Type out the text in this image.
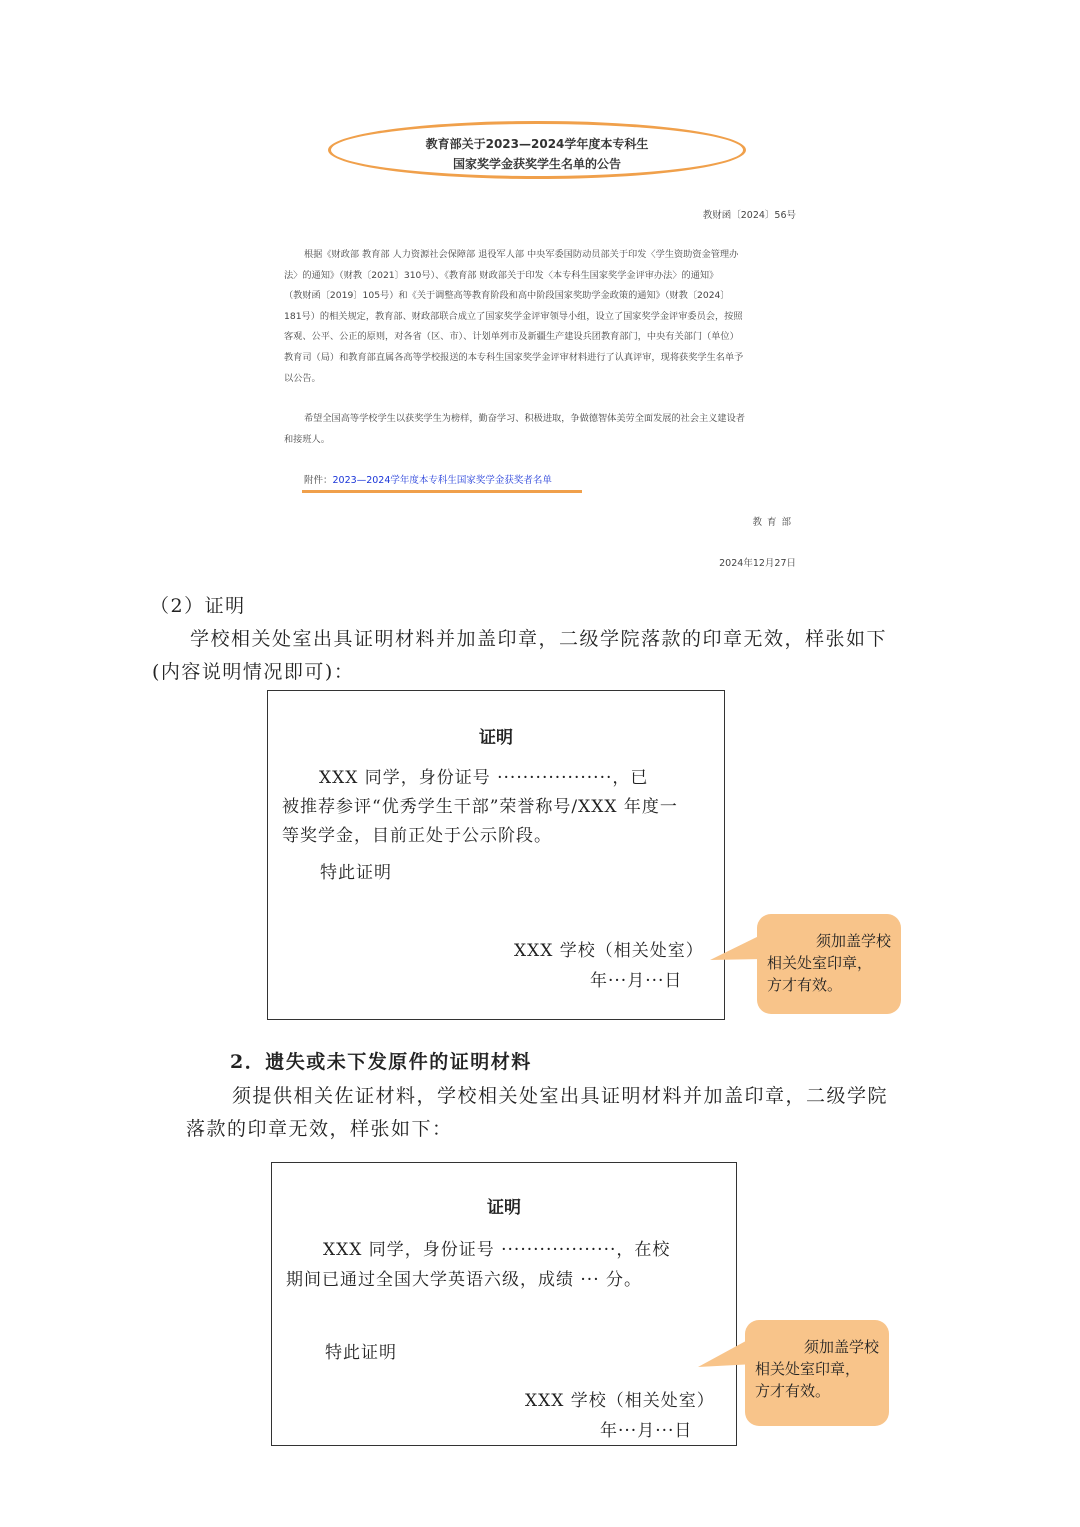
教育部关于2023—2024学年度本专科生
国家奖学金获奖学生名单的公告
教财函〔2024〕56号

根据《财政部 教育部 人力资源社会保障部 退役军人部 中央军委国防动员部关于印发〈学生资助资金管理办

法〉的通知》（财教〔2021〕310号）、《教育部 财政部关于印发〈本专科生国家奖学金评审办法〉的通知》

（教财函〔2019〕105号）和《关于调整高等教育阶段和高中阶段国家奖助学金政策的通知》（财教〔2024〕

181号）的相关规定，教育部、财政部联合成立了国家奖学金评审领导小组，设立了国家奖学金评审委员会，按照

客观、公平、公正的原则，对各省（区、市）、计划单列市及新疆生产建设兵团教育部门，中央有关部门（单位）

教育司（局）和教育部直属各高等学校报送的本专科生国家奖学金评审材料进行了认真评审，现将获奖学生名单予

以公告。

希望全国高等学校学生以获奖学生为榜样，勤奋学习、积极进取，争做德智体美劳全面发展的社会主义建设者

和接班人。

附件：2023—2024学年度本专科生国家奖学金获奖者名单
教育部
2024年12月27日
（2）证明
学校相关处室出具证明材料并加盖印章，二级学院落款的印章无效，样张如下
(内容说明情况即可)：
证明
XXX 同学，身份证号 ··················，已
被推荐参评“优秀学生干部”荣誉称号/XXX 年度一
等奖学金，目前正处于公示阶段。
特此证明
XXX 学校（相关处室）
年···月···日
须加盖学校
相关处室印章，
方才有效。
2．遗失或未下发原件的证明材料
须提供相关佐证材料，学校相关处室出具证明材料并加盖印章，二级学院
落款的印章无效，样张如下：
证明
XXX 同学，身份证号 ··················，在校
期间已通过全国大学英语六级，成绩 ··· 分。
特此证明
XXX 学校（相关处室）
年···月···日
须加盖学校
相关处室印章，
方才有效。
